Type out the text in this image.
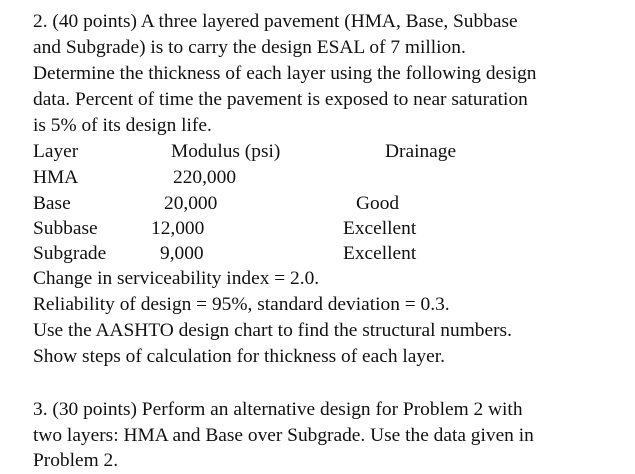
2. (40 points) A three layered pavement (HMA, Base, Subbase
and Subgrade) is to carry the design ESAL of 7 million.
Determine the thickness of each layer using the following design
data. Percent of time the pavement is exposed to near saturation
is 5% of its design life.
Layer	Modulus (psi)	Drainage
HMA	220,000
Base	20,000	Good
Subbase	12,000	Excellent
Subgrade	9,000	Excellent
Change in serviceability index = 2.0.
Reliability of design = 95%, standard deviation = 0.3.
Use the AASHTO design chart to find the structural numbers.
Show steps of calculation for thickness of each layer.
3. (30 points) Perform an alternative design for Problem 2 with
two layers: HMA and Base over Subgrade. Use the data given in
Problem 2.
